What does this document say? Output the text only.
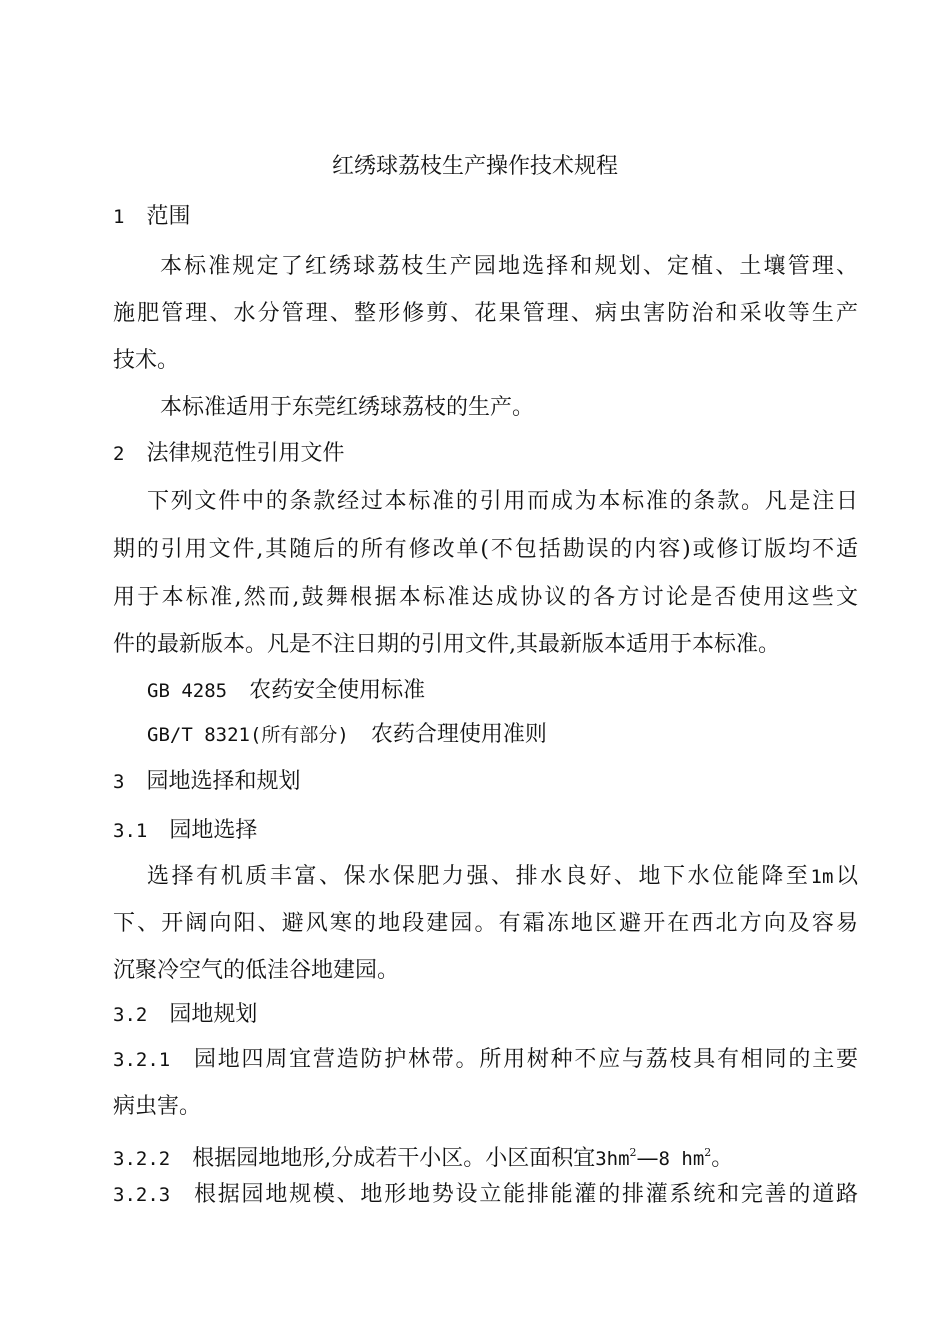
红绣球荔枝生产操作技术规程
1 范围
本标准规定了红绣球荔枝生产园地选择和规划、定植、土壤管理、
施肥管理、水分管理、整形修剪、花果管理、病虫害防治和采收等生产
技术。
本标准适用于东莞红绣球荔枝的生产。
2 法律规范性引用文件
下列文件中的条款经过本标准的引用而成为本标准的条款。凡是注日
期的引用文件,其随后的所有修改单(不包括勘误的内容)或修订版均不适
用于本标准,然而,鼓舞根据本标准达成协议的各方讨论是否使用这些文
件的最新版本。凡是不注日期的引用文件,其最新版本适用于本标准。
GB 4285 农药安全使用标准
GB/T 8321(所有部分) 农药合理使用准则
3 园地选择和规划
3.1 园地选择
选择有机质丰富、保水保肥力强、排水良好、地下水位能降至1m以
下、开阔向阳、避风寒的地段建园。有霜冻地区避开在西北方向及容易
沉聚冷空气的低洼谷地建园。
3.2 园地规划
3.2.1 园地四周宜营造防护林带。所用树种不应与荔枝具有相同的主要
病虫害。
3.2.2 根据园地地形,分成若干小区。小区面积宜$3hm^2—8$ $hm^2$。
3.2.3 根据园地规模、地形地势设立能排能灌的排灌系统和完善的道路
